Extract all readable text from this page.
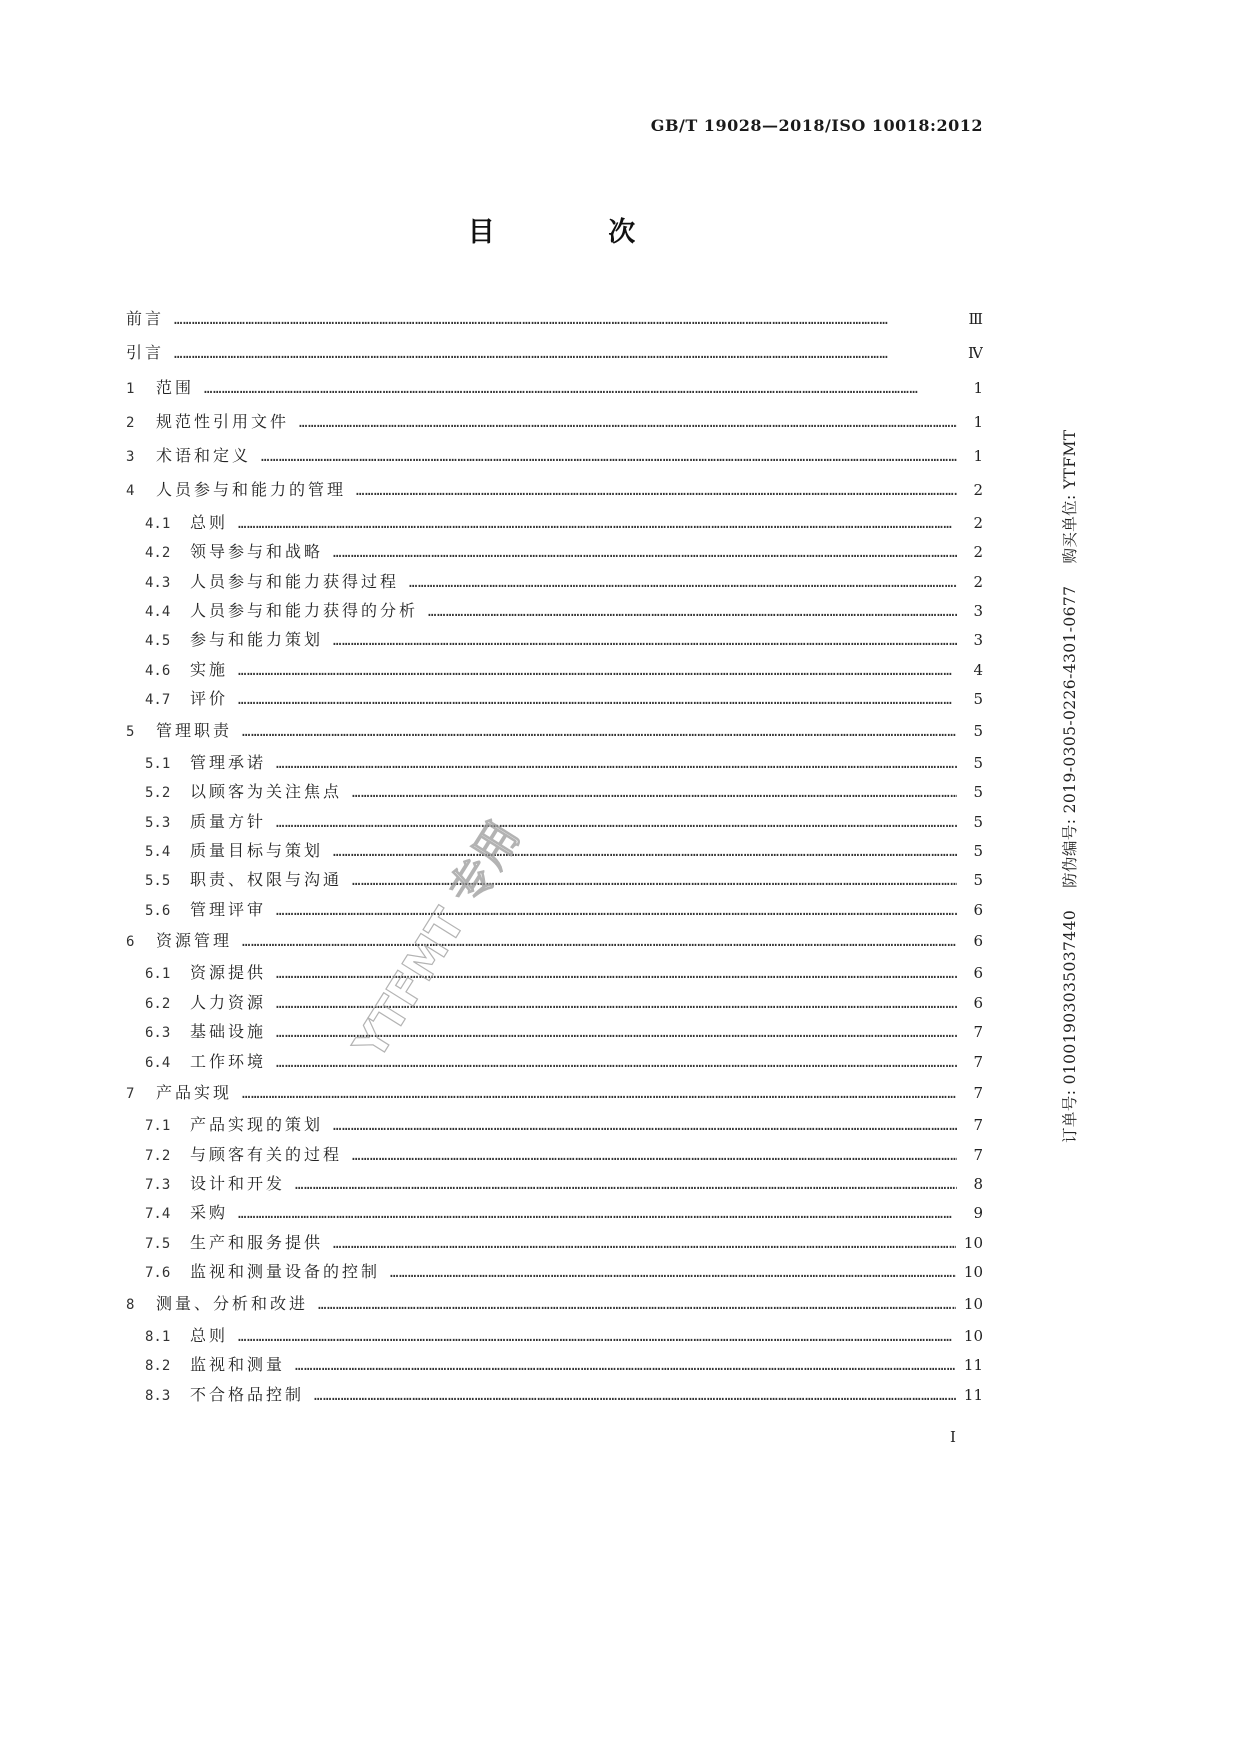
GB/T 19028—2018/ISO 10018:2012
目 次
前言 ……………………………………………………………………………………………………………………………………………………………………………………………………………………	Ⅲ
引言 ……………………………………………………………………………………………………………………………………………………………………………………………………………………	Ⅳ
1	范围 ……………………………………………………………………………………………………………………………………………………………………………………………………………………	1
2	规范性引用文件 ……………………………………………………………………………………………………………………………………………………………………………………………………………………	1
3	术语和定义 ……………………………………………………………………………………………………………………………………………………………………………………………………………………	1
4	人员参与和能力的管理 ……………………………………………………………………………………………………………………………………………………………………………………………………………………	2
4.1	总则 ……………………………………………………………………………………………………………………………………………………………………………………………………………………	2
4.2	领导参与和战略 ……………………………………………………………………………………………………………………………………………………………………………………………………………………	2
4.3	人员参与和能力获得过程 ……………………………………………………………………………………………………………………………………………………………………………………………………………………	2
4.4	人员参与和能力获得的分析 ……………………………………………………………………………………………………………………………………………………………………………………………………………………	3
4.5	参与和能力策划 ……………………………………………………………………………………………………………………………………………………………………………………………………………………	3
4.6	实施 ……………………………………………………………………………………………………………………………………………………………………………………………………………………	4
4.7	评价 ……………………………………………………………………………………………………………………………………………………………………………………………………………………	5
5	管理职责 ……………………………………………………………………………………………………………………………………………………………………………………………………………………	5
5.1	管理承诺 ……………………………………………………………………………………………………………………………………………………………………………………………………………………	5
5.2	以顾客为关注焦点 ……………………………………………………………………………………………………………………………………………………………………………………………………………………	5
5.3	质量方针 ……………………………………………………………………………………………………………………………………………………………………………………………………………………	5
5.4	质量目标与策划 ……………………………………………………………………………………………………………………………………………………………………………………………………………………	5
5.5	职责、权限与沟通 ……………………………………………………………………………………………………………………………………………………………………………………………………………………	5
5.6	管理评审 ……………………………………………………………………………………………………………………………………………………………………………………………………………………	6
6	资源管理 ……………………………………………………………………………………………………………………………………………………………………………………………………………………	6
6.1	资源提供 ……………………………………………………………………………………………………………………………………………………………………………………………………………………	6
6.2	人力资源 ……………………………………………………………………………………………………………………………………………………………………………………………………………………	6
6.3	基础设施 ……………………………………………………………………………………………………………………………………………………………………………………………………………………	7
6.4	工作环境 ……………………………………………………………………………………………………………………………………………………………………………………………………………………	7
7	产品实现 ……………………………………………………………………………………………………………………………………………………………………………………………………………………	7
7.1	产品实现的策划 ……………………………………………………………………………………………………………………………………………………………………………………………………………………	7
7.2	与顾客有关的过程 ……………………………………………………………………………………………………………………………………………………………………………………………………………………	7
7.3	设计和开发 ……………………………………………………………………………………………………………………………………………………………………………………………………………………	8
7.4	采购 ……………………………………………………………………………………………………………………………………………………………………………………………………………………	9
7.5	生产和服务提供 ……………………………………………………………………………………………………………………………………………………………………………………………………………………	10
7.6	监视和测量设备的控制 ……………………………………………………………………………………………………………………………………………………………………………………………………………………	10
8	测量、分析和改进 ……………………………………………………………………………………………………………………………………………………………………………………………………………………	10
8.1	总则 ……………………………………………………………………………………………………………………………………………………………………………………………………………………	10
8.2	监视和测量 ……………………………………………………………………………………………………………………………………………………………………………………………………………………	11
8.3	不合格品控制 ……………………………………………………………………………………………………………………………………………………………………………………………………………………	11
I
订单号: 0100190303503744​0防伪编号: 2019-0305-0226-4301-0677购买单位: YTFMT
YTFMT 专用
